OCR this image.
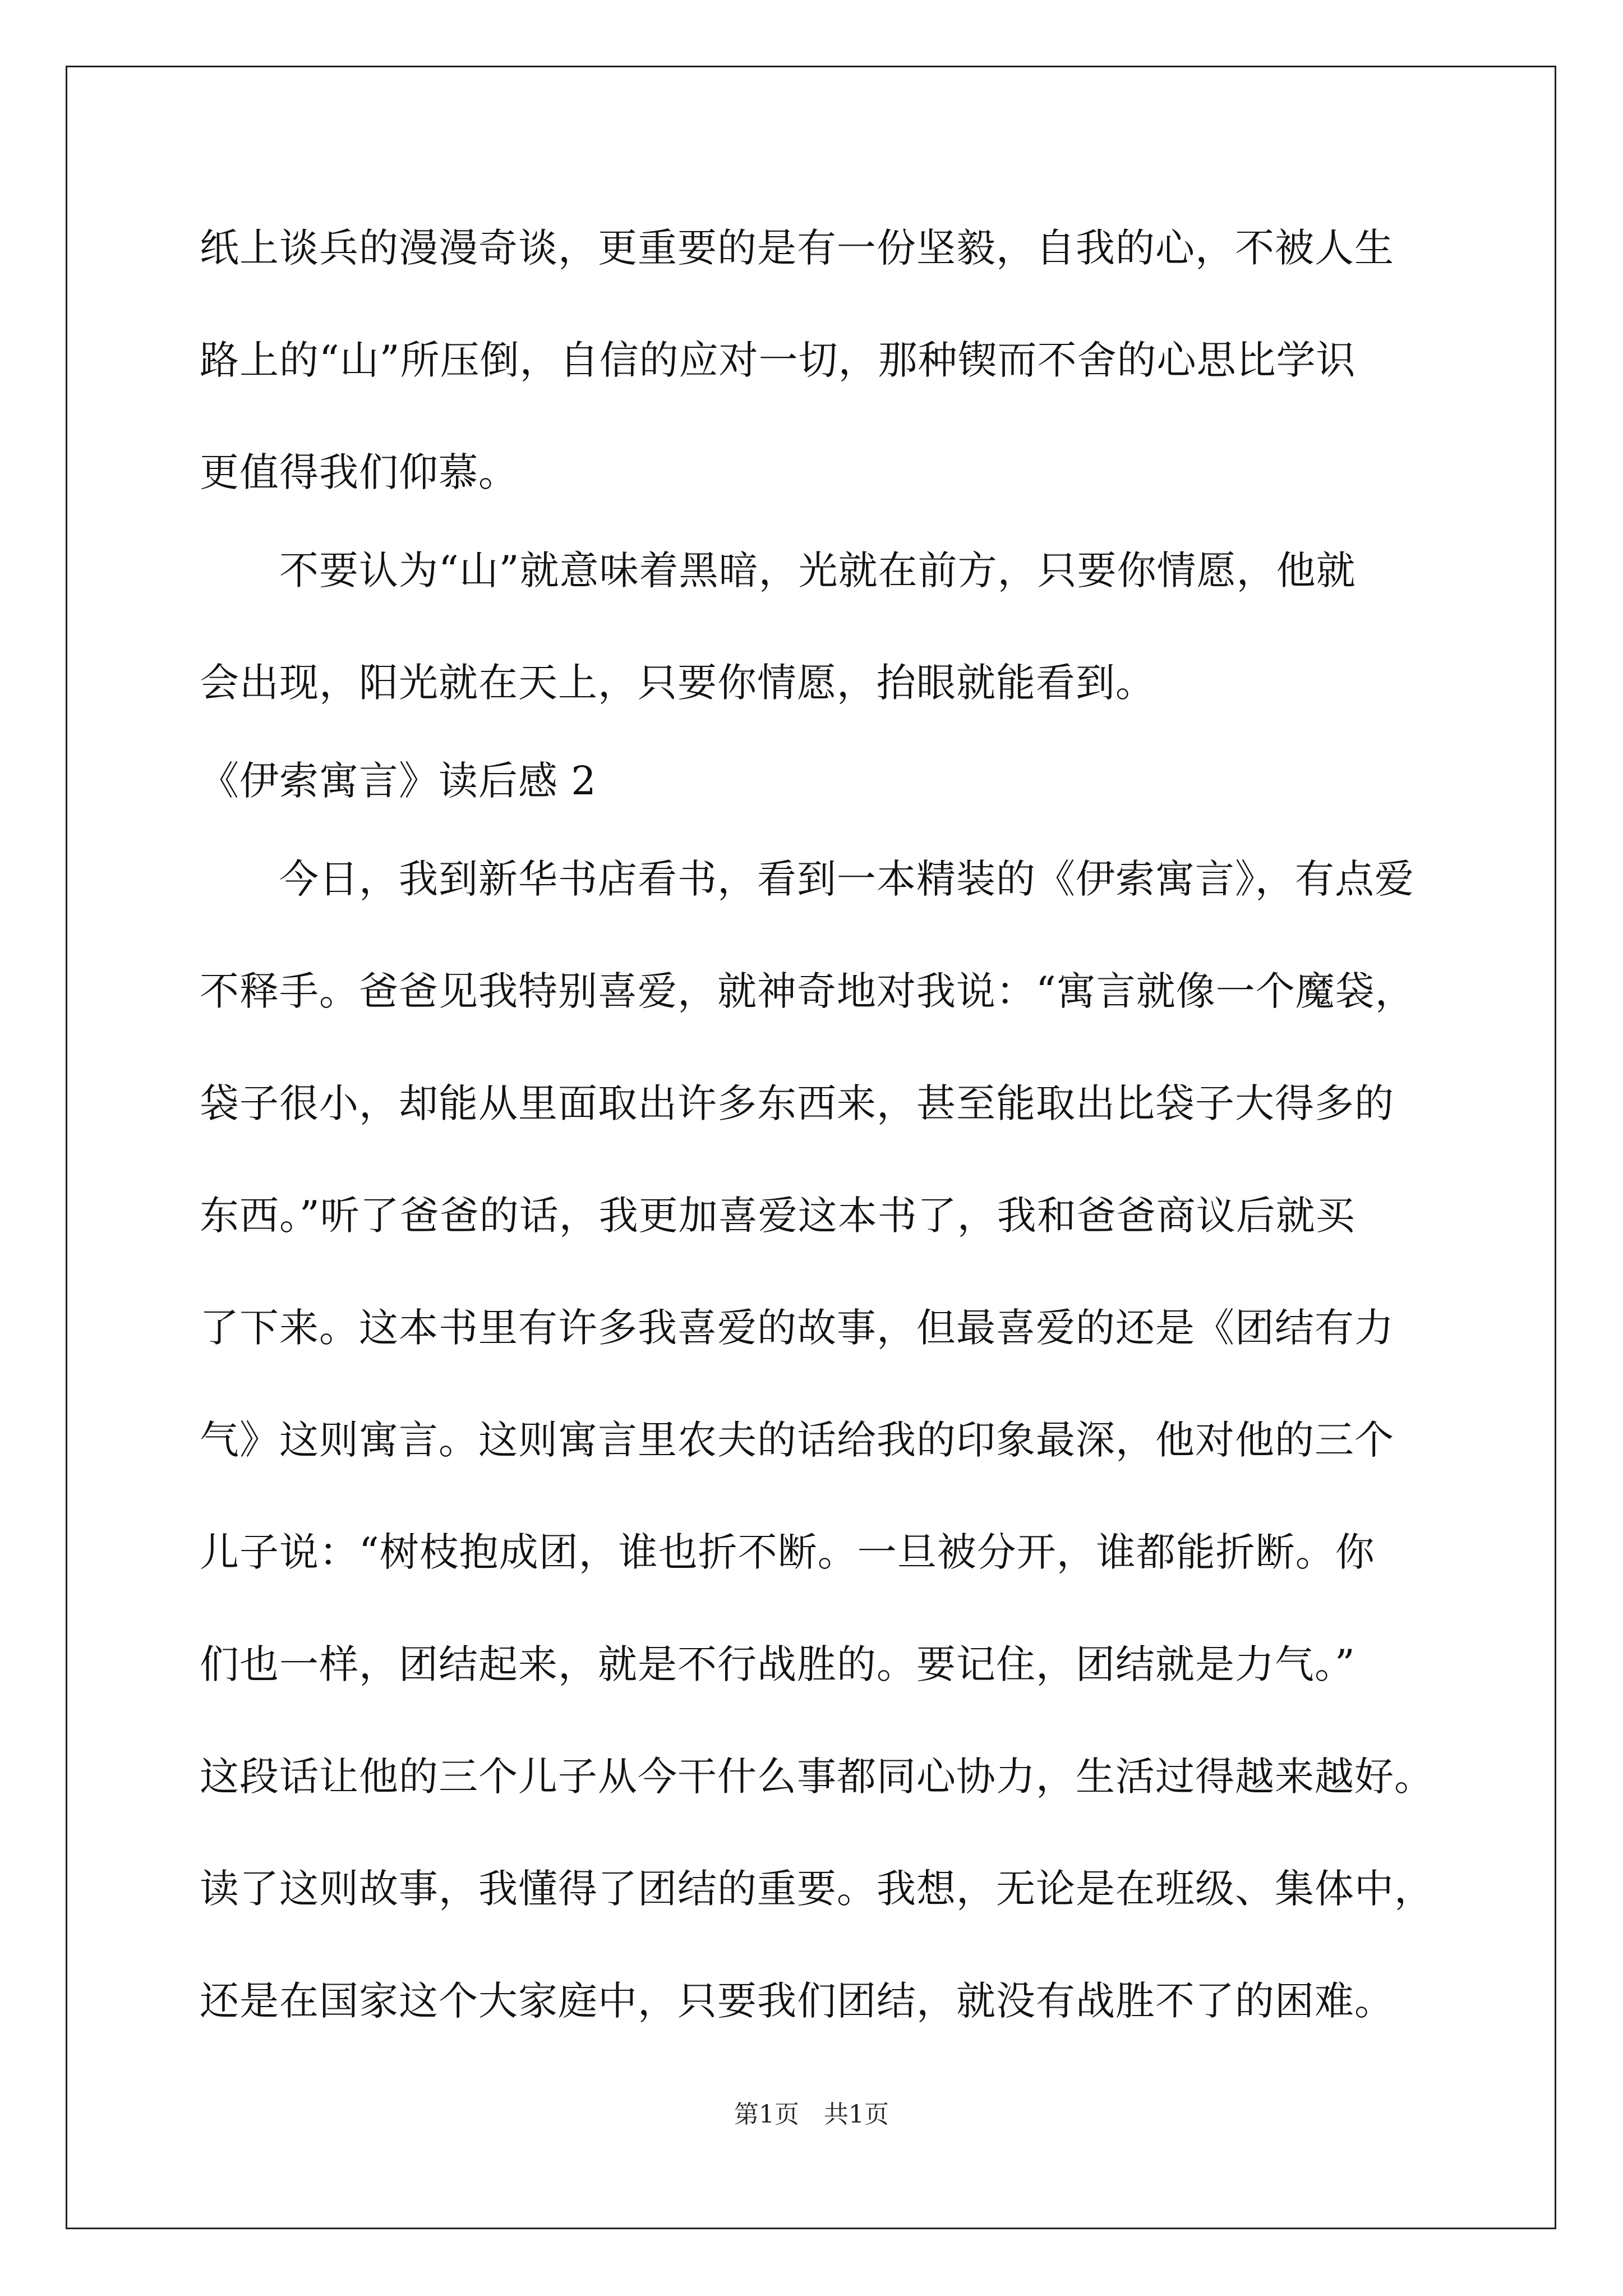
纸上谈兵的漫漫奇谈，更重要的是有一份坚毅，自我的心，不被人生
路上的“山”所压倒，自信的应对一切，那种锲而不舍的心思比学识
更值得我们仰慕。
　　不要认为“山”就意味着黑暗，光就在前方，只要你情愿，他就
会出现，阳光就在天上，只要你情愿，抬眼就能看到。
《伊索寓言》读后感 2
　　今日，我到新华书店看书，看到一本精装的《伊索寓言》，有点爱
不释手。爸爸见我特别喜爱，就神奇地对我说：“寓言就像一个魔袋，
袋子很小，却能从里面取出许多东西来，甚至能取出比袋子大得多的
东西。”听了爸爸的话，我更加喜爱这本书了，我和爸爸商议后就买
了下来。这本书里有许多我喜爱的故事，但最喜爱的还是《团结有力
气》这则寓言。这则寓言里农夫的话给我的印象最深，他对他的三个
儿子说：“树枝抱成团，谁也折不断。一旦被分开，谁都能折断。你
们也一样，团结起来，就是不行战胜的。要记住，团结就是力气。”
这段话让他的三个儿子从今干什么事都同心协力，生活过得越来越好。
读了这则故事，我懂得了团结的重要。我想，无论是在班级、集体中，
还是在国家这个大家庭中，只要我们团结，就没有战胜不了的困难。
第1页　共1页
